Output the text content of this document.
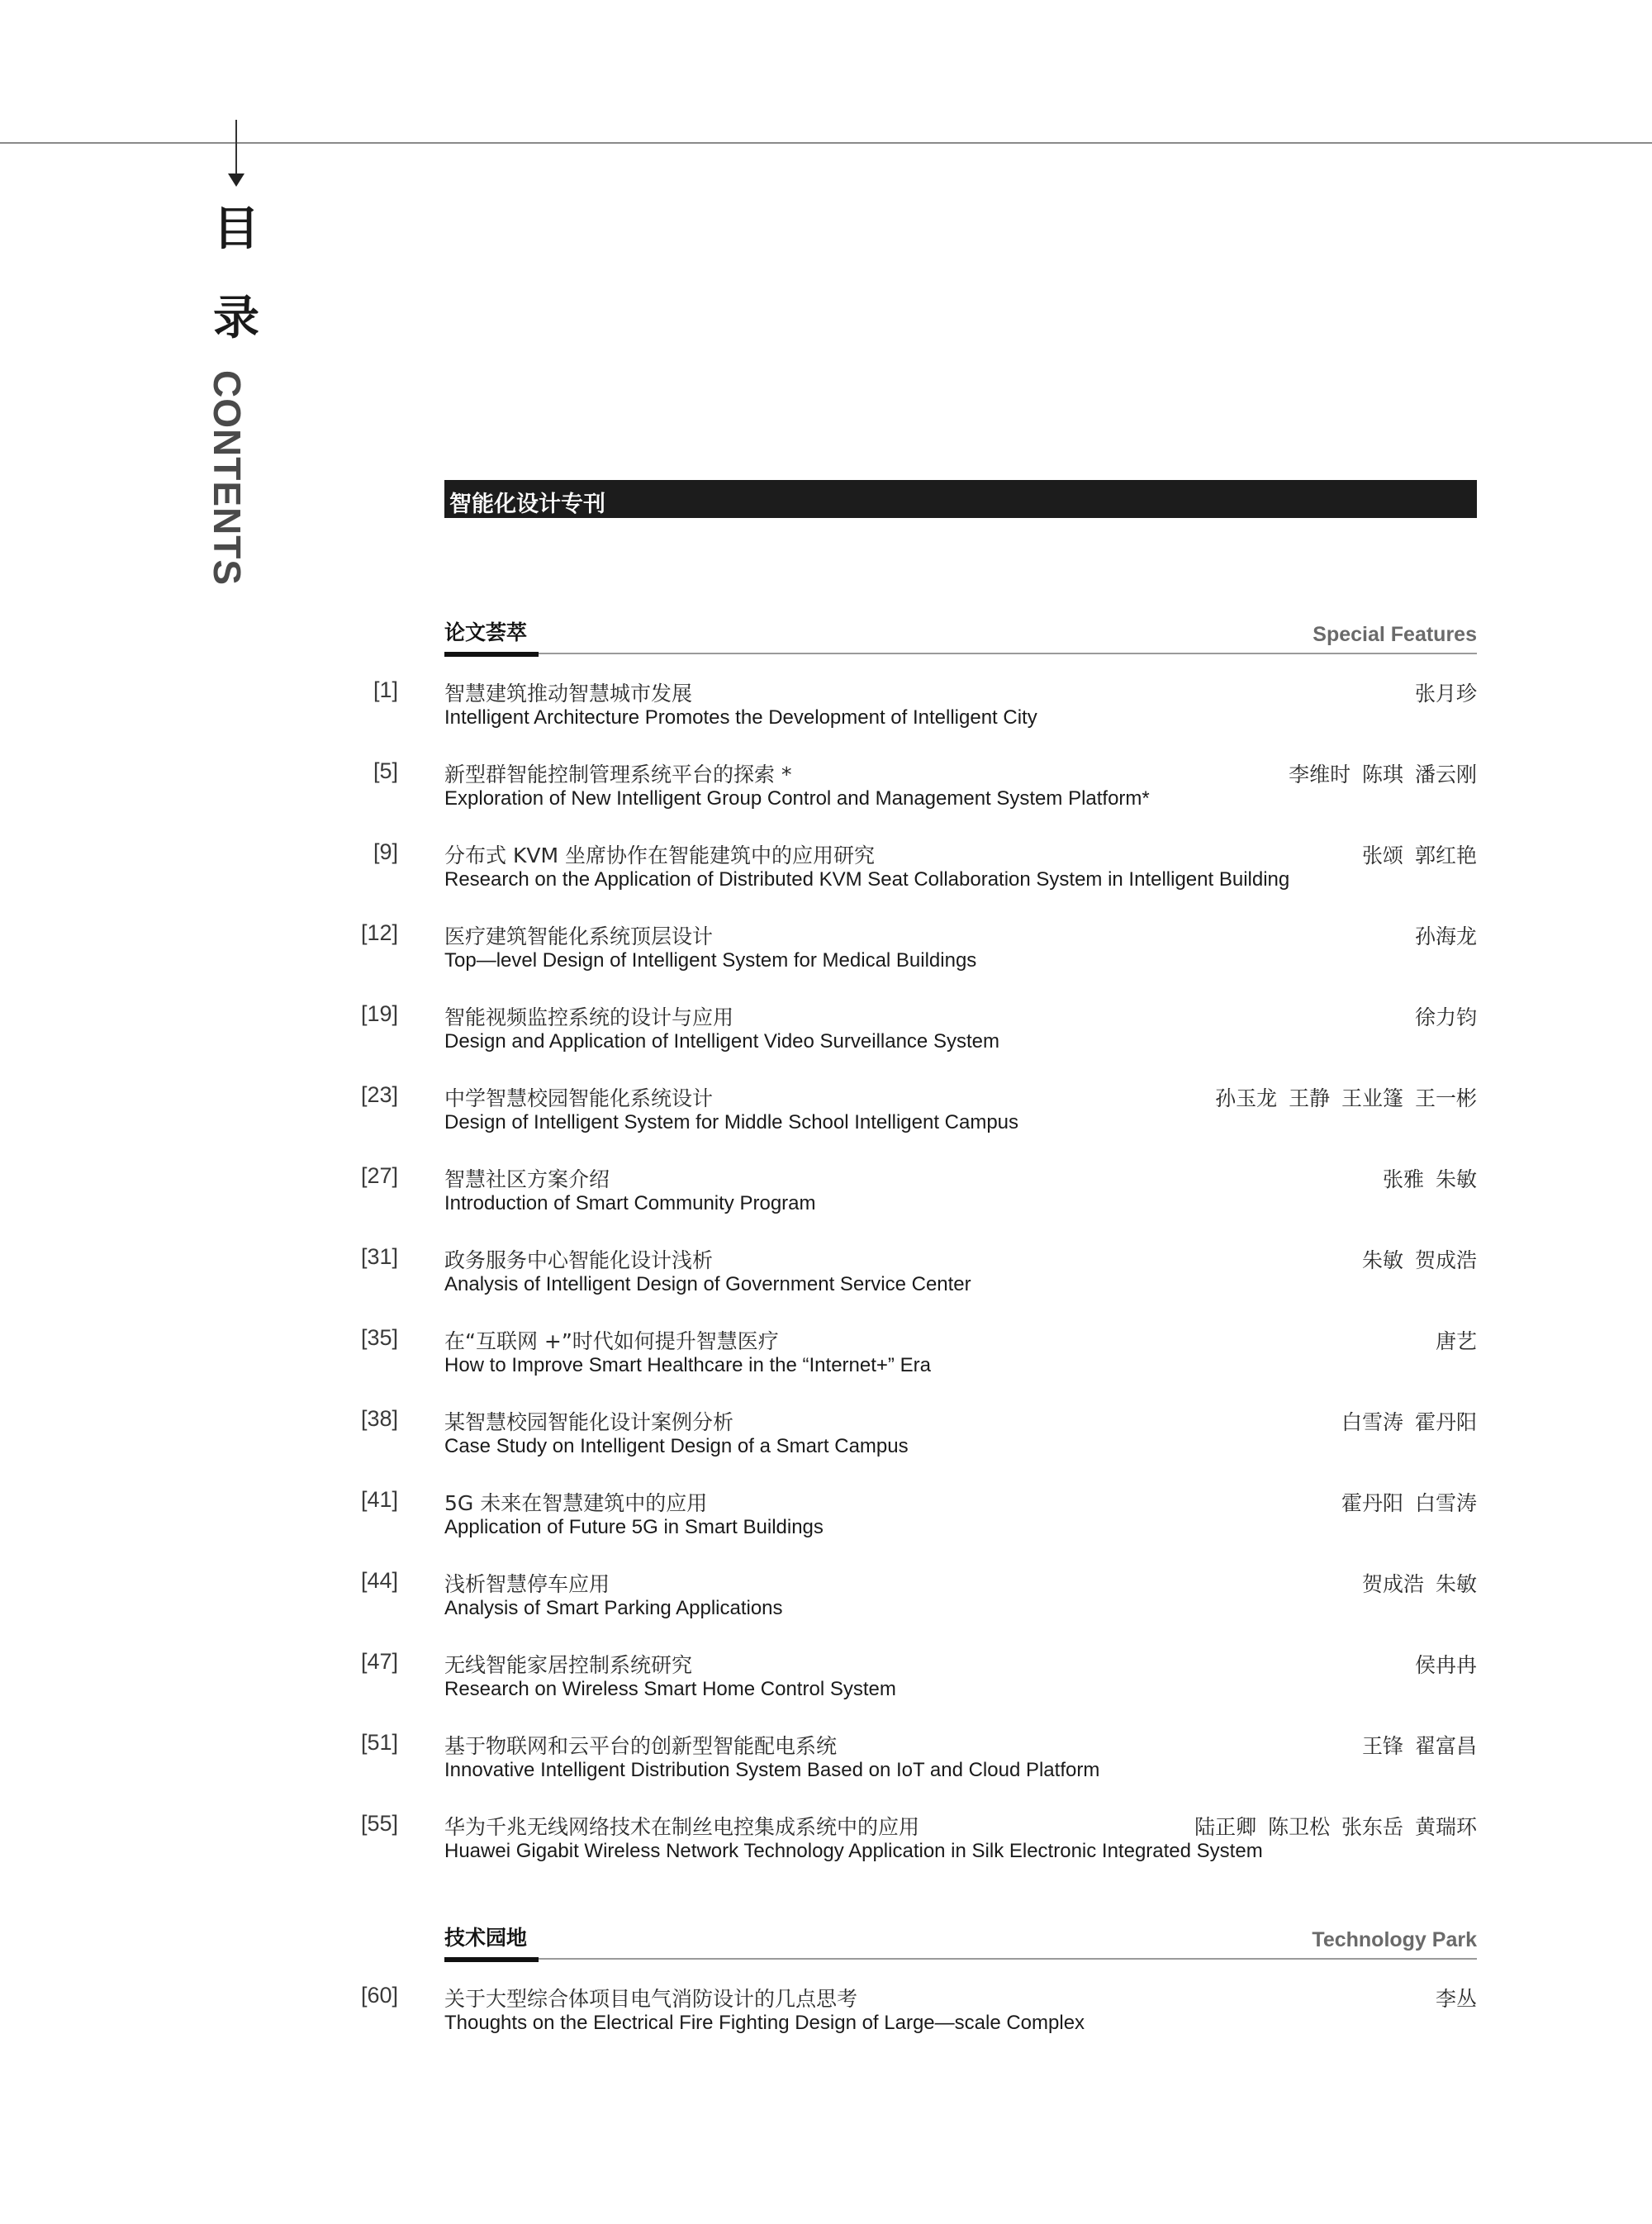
目
录
CONTENTS	智能化设计专刊
论文荟萃	Special Features
[1] 智慧建筑推动智慧城市发展
Intelligent Architecture Promotes the Development of Intelligent City
张月珍
[5] 新型群智能控制管理系统平台的探索 *
Exploration of New Intelligent Group Control and Management System Platform*
李维时 陈琪 潘云刚
[9] 分布式 KVM 坐席协作在智能建筑中的应用研究
Research on the Application of Distributed KVM Seat Collaboration System in Intelligent Building
张颂 郭红艳
[12] 医疗建筑智能化系统顶层设计
Top—level Design of Intelligent System for Medical Buildings
孙海龙
[19] 智能视频监控系统的设计与应用
Design and Application of Intelligent Video Surveillance System
徐力钧
[23] 中学智慧校园智能化系统设计
Design of Intelligent System for Middle School Intelligent Campus
孙玉龙 王静 王业篷 王一彬
[27] 智慧社区方案介绍
Introduction of Smart Community Program
张雅 朱敏
[31] 政务服务中心智能化设计浅析
Analysis of Intelligent Design of Government Service Center
朱敏 贺成浩
[35] 在“互联网 +”时代如何提升智慧医疗
How to Improve Smart Healthcare in the “Internet+” Era
唐艺
[38] 某智慧校园智能化设计案例分析
Case Study on Intelligent Design of a Smart Campus
白雪涛 霍丹阳
[41] 5G 未来在智慧建筑中的应用
Application of Future 5G in Smart Buildings
霍丹阳 白雪涛
[44] 浅析智慧停车应用
Analysis of Smart Parking Applications
贺成浩 朱敏
[47] 无线智能家居控制系统研究
Research on Wireless Smart Home Control System
侯冉冉
[51] 基于物联网和云平台的创新型智能配电系统
Innovative Intelligent Distribution System Based on IoT and Cloud Platform
王锋 翟富昌
[55] 华为千兆无线网络技术在制丝电控集成系统中的应用
Huawei Gigabit Wireless Network Technology Application in Silk Electronic Integrated System
陆正卿 陈卫松 张东岳 黄瑞环
技术园地	Technology Park
[60] 关于大型综合体项目电气消防设计的几点思考
Thoughts on the Electrical Fire Fighting Design of Large—scale Complex
李丛
